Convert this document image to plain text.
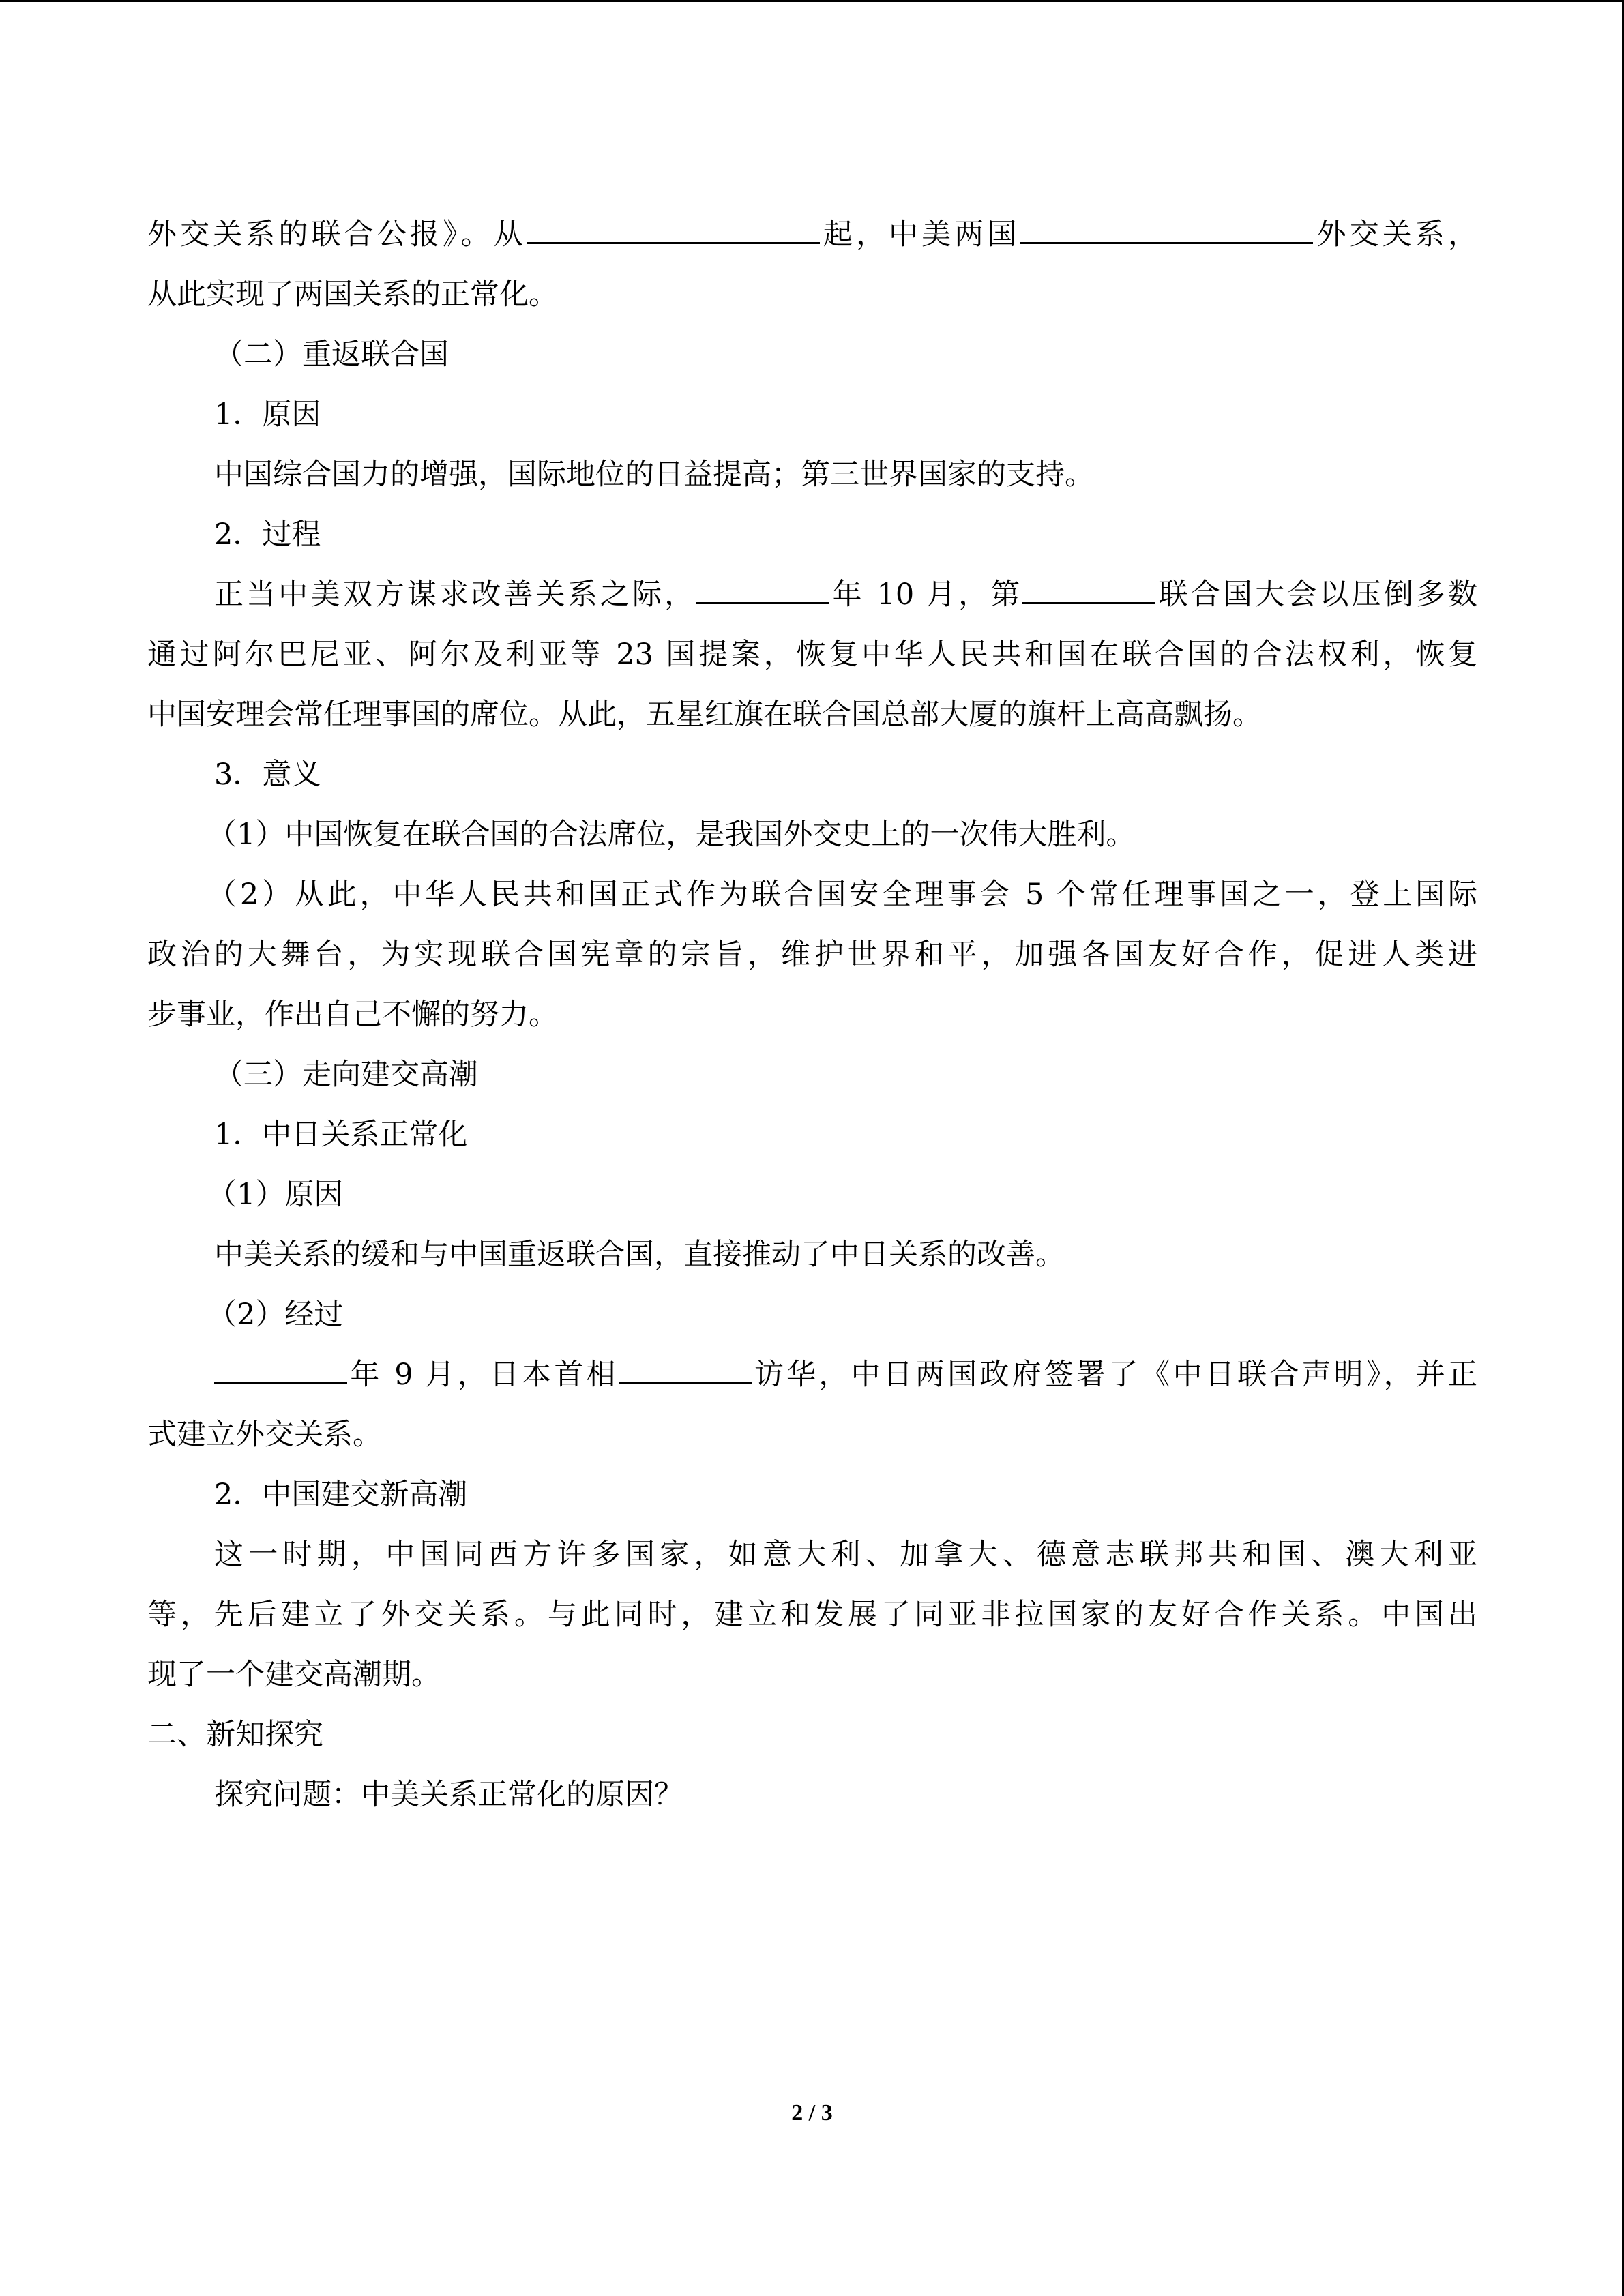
外交关系的联合公报》。从	起，中美两国	外交关系，
从此实现了两国关系的正常化。
（二）重返联合国
1．原因
中国综合国力的增强，国际地位的日益提高；第三世界国家的支持。
2．过程
正当中美双方谋求改善关系之际，	年 10 月，第	联合国大会以压倒多数
通过阿尔巴尼亚、阿尔及利亚等 23 国提案，恢复中华人民共和国在联合国的合法权利，恢复
中国安理会常任理事国的席位。从此，五星红旗在联合国总部大厦的旗杆上高高飘扬。
3．意义
（1）中国恢复在联合国的合法席位，是我国外交史上的一次伟大胜利。
（2）从此，中华人民共和国正式作为联合国安全理事会 5 个常任理事国之一，登上国际
政治的大舞台，为实现联合国宪章的宗旨，维护世界和平，加强各国友好合作，促进人类进
步事业，作出自己不懈的努力。
（三）走向建交高潮
1．中日关系正常化
（1）原因
中美关系的缓和与中国重返联合国，直接推动了中日关系的改善。
（2）经过
年 9 月，日本首相	访华，中日两国政府签署了《中日联合声明》，并正
式建立外交关系。
2．中国建交新高潮
这一时期，中国同西方许多国家，如意大利、加拿大、德意志联邦共和国、澳大利亚
等，先后建立了外交关系。与此同时，建立和发展了同亚非拉国家的友好合作关系。中国出
现了一个建交高潮期。
二、新知探究
探究问题：中美关系正常化的原因？
2 / 3
